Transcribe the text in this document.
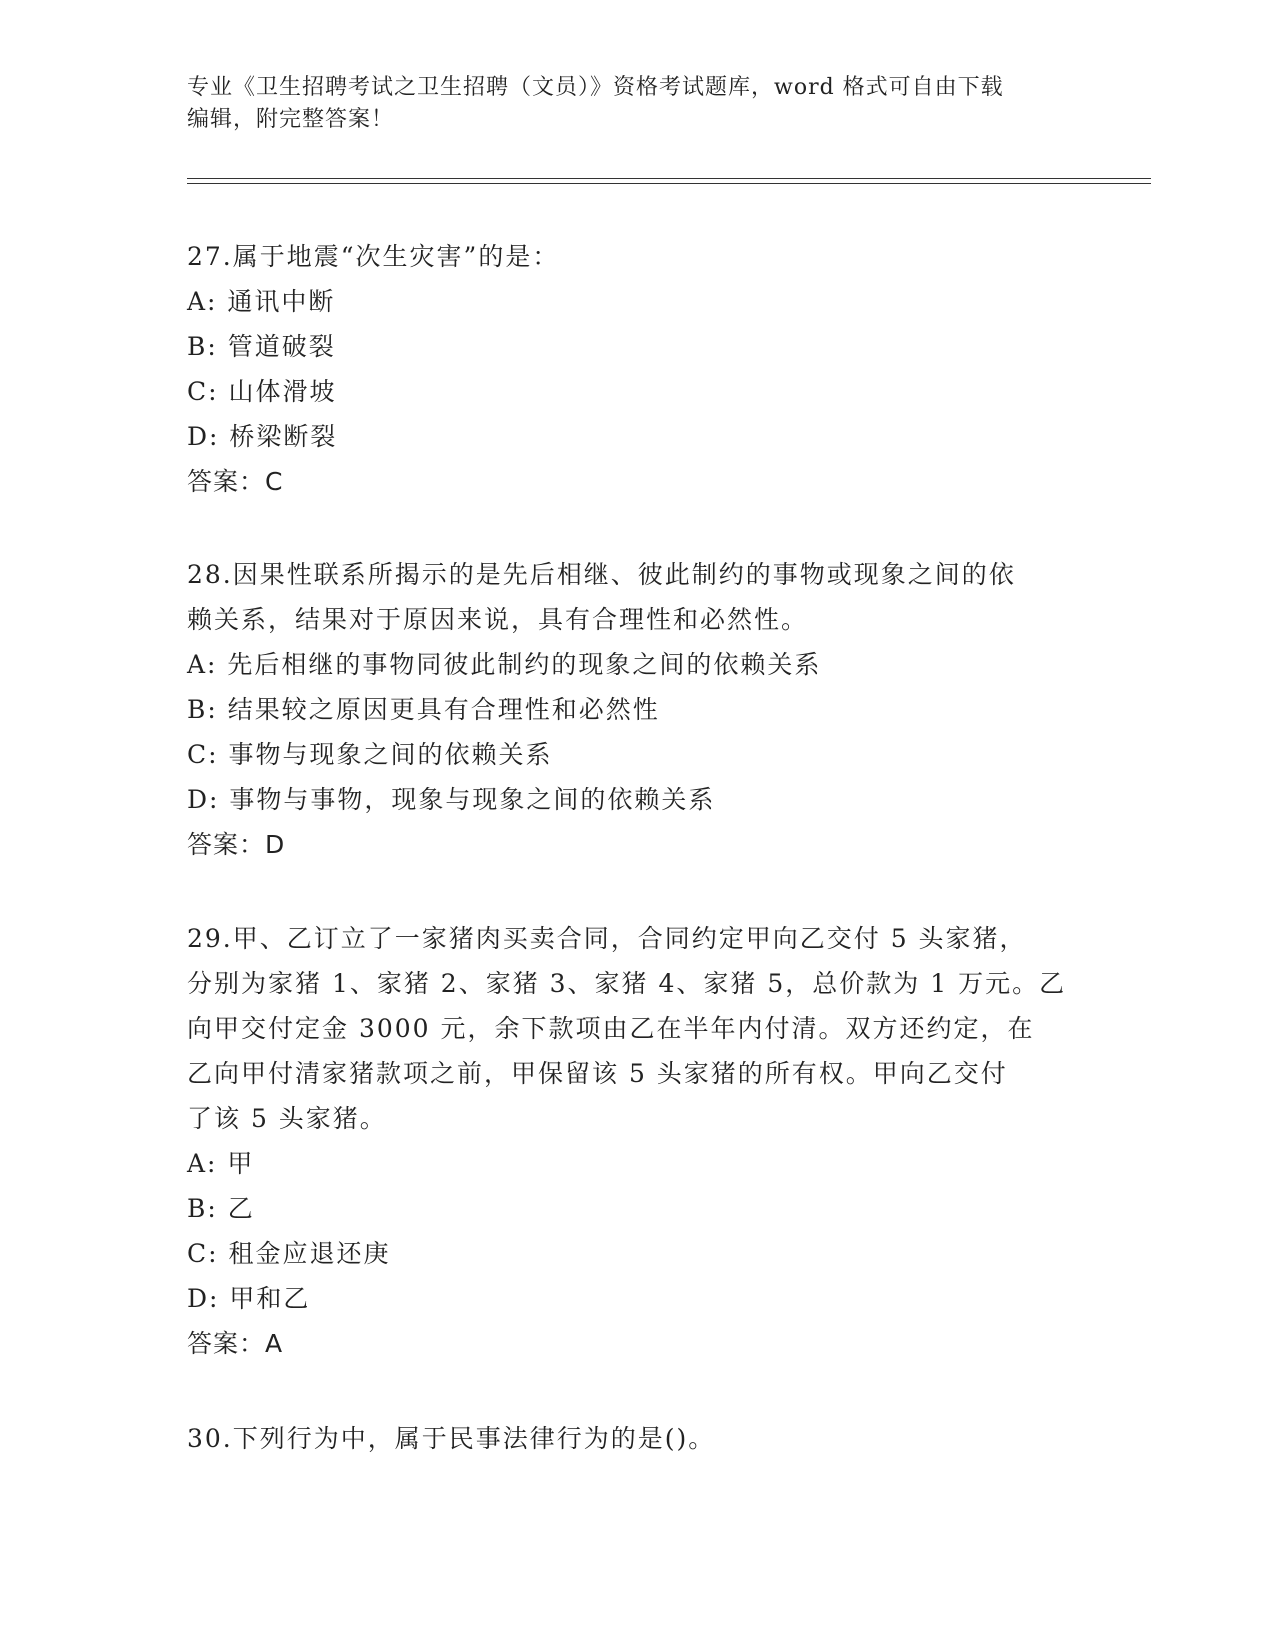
专业《卫生招聘考试之卫生招聘（文员）》资格考试题库，word 格式可自由下载
编辑，附完整答案！
27.属于地震“次生灾害”的是：
A: 通讯中断
B: 管道破裂
C: 山体滑坡
D: 桥梁断裂
答案：C
28.因果性联系所揭示的是先后相继、彼此制约的事物或现象之间的依
赖关系，结果对于原因来说，具有合理性和必然性。
A: 先后相继的事物同彼此制约的现象之间的依赖关系
B: 结果较之原因更具有合理性和必然性
C: 事物与现象之间的依赖关系
D: 事物与事物，现象与现象之间的依赖关系
答案：D
29.甲、乙订立了一家猪肉买卖合同，合同约定甲向乙交付 5 头家猪，
分别为家猪 1、家猪 2、家猪 3、家猪 4、家猪 5，总价款为 1 万元。乙
向甲交付定金 3000 元，余下款项由乙在半年内付清。双方还约定，在
乙向甲付清家猪款项之前，甲保留该 5 头家猪的所有权。甲向乙交付
了该 5 头家猪。
A: 甲
B: 乙
C: 租金应退还庚
D: 甲和乙
答案：A
30.下列行为中，属于民事法律行为的是()。
